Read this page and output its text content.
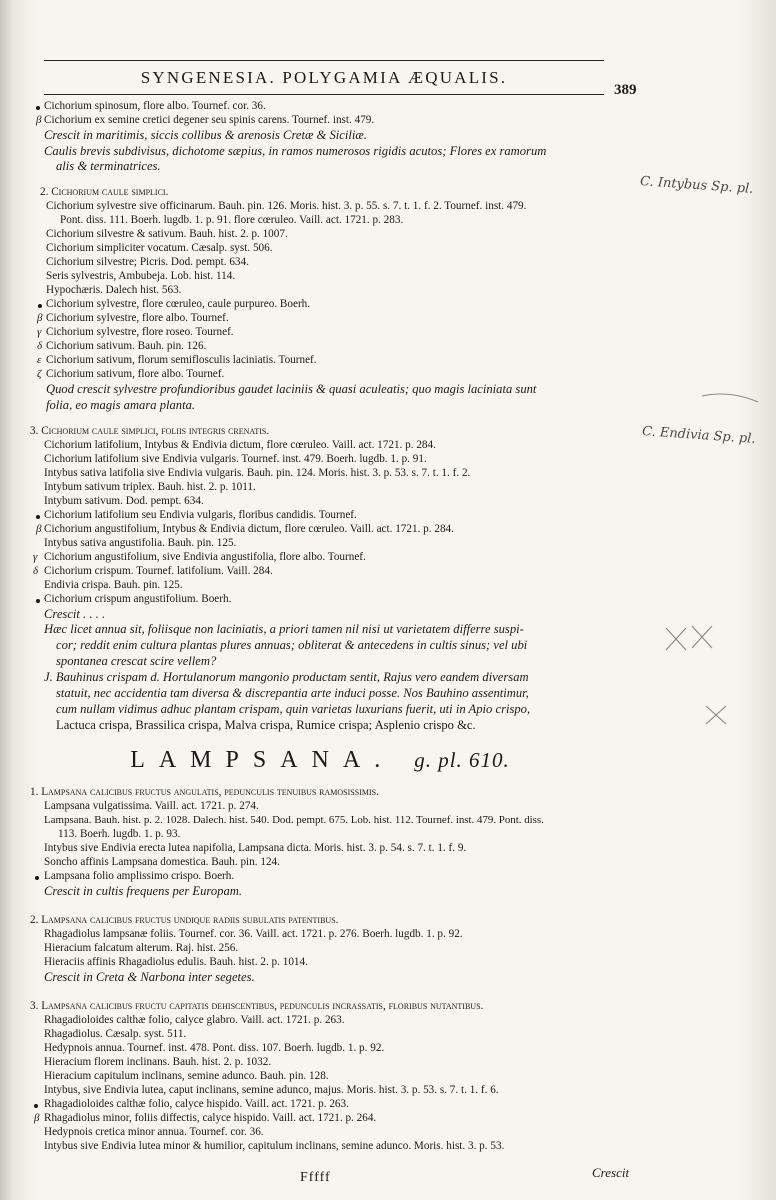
SYNGENESIA. POLYGAMIA ÆQUALIS.
389
Cichorium spinosum, flore albo. Tournef. cor. 36.
β Cichorium ex semine cretici degener seu spinis carens. Tournef. inst. 479.
Crescit in maritimis, siccis collibus & arenosis Cretæ & Siciliæ.
Caulis brevis subdivisus, dichotome sæpius, in ramos numerosos rigidis acutos; Flores ex ramorum
alis & terminatrices.
2. Cichorium caule simplici.
Cichorium sylvestre sive officinarum. Bauh. pin. 126. Moris. hist. 3. p. 55. s. 7. t. 1. f. 2. Tournef. inst. 479.
Pont. diss. 111. Boerh. lugdb. 1. p. 91. flore cœruleo. Vaill. act. 1721. p. 283.
Cichorium silvestre & sativum. Bauh. hist. 2. p. 1007.
Cichorium simpliciter vocatum. Cæsalp. syst. 506.
Cichorium silvestre; Picris. Dod. pempt. 634.
Seris sylvestris, Ambubeja. Lob. hist. 114.
Hypochæris. Dalech hist. 563.
Cichorium sylvestre, flore cœruleo, caule purpureo. Boerh.
β Cichorium sylvestre, flore albo. Tournef.
γ Cichorium sylvestre, flore roseo. Tournef.
δ Cichorium sativum. Bauh. pin. 126.
ε Cichorium sativum, florum semiflosculis laciniatis. Tournef.
ζ Cichorium sativum, flore albo. Tournef.
Quod crescit sylvestre profundioribus gaudet laciniis & quasi aculeatis; quo magis laciniata sunt
folia, eo magis amara planta.
3. Cichorium caule simplici, foliis integris crenatis.
Cichorium latifolium, Intybus & Endivia dictum, flore cœruleo. Vaill. act. 1721. p. 284.
Cichorium latifolium sive Endivia vulgaris. Tournef. inst. 479. Boerh. lugdb. 1. p. 91.
Intybus sativa latifolia sive Endivia vulgaris. Bauh. pin. 124. Moris. hist. 3. p. 53. s. 7. t. 1. f. 2.
Intybum sativum triplex. Bauh. hist. 2. p. 1011.
Intybum sativum. Dod. pempt. 634.
Cichorium latifolium seu Endivia vulgaris, floribus candidis. Tournef.
β Cichorium angustifolium, Intybus & Endivia dictum, flore cœruleo. Vaill. act. 1721. p. 284.
Intybus sativa angustifolia. Bauh. pin. 125.
γ Cichorium angustifolium, sive Endivia angustifolia, flore albo. Tournef.
δ Cichorium crispum. Tournef. latifolium. Vaill. 284.
Endivia crispa. Bauh. pin. 125.
Cichorium crispum angustifolium. Boerh.
Crescit . . . .
Hæc licet annua sit, foliisque non laciniatis, a priori tamen nil nisi ut varietatem differre suspi-
cor; reddit enim cultura plantas plures annuas; obliterat & antecedens in cultis sinus; vel ubi
spontanea crescat scire vellem?
J. Bauhinus crispam d. Hortulanorum mangonio productam sentit, Rajus vero eandem diversam
statuit, nec accidentia tam diversa & discrepantia arte induci posse. Nos Bauhino assentimur,
cum nullam vidimus adhuc plantam crispam, quin varietas luxurians fuerit, uti in Apio crispo,
Lactuca crispa, Brassilica crispa, Malva crispa, Rumice crispa; Asplenio crispo &c.
LAMPSANA. g. pl. 610.
1. Lampsana calicibus fructus angulatis, pedunculis tenuibus ramosissimis.
Lampsana vulgatissima. Vaill. act. 1721. p. 274.
Lampsana. Bauh. hist. p. 2. 1028. Dalech. hist. 540. Dod. pempt. 675. Lob. hist. 112. Tournef. inst. 479. Pont. diss.
113. Boerh. lugdb. 1. p. 93.
Intybus sive Endivia erecta lutea napifolia, Lampsana dicta. Moris. hist. 3. p. 54. s. 7. t. 1. f. 9.
Soncho affinis Lampsana domestica. Bauh. pin. 124.
Lampsana folio amplissimo crispo. Boerh.
Crescit in cultis frequens per Europam.
2. Lampsana calicibus fructus undique radiis subulatis patentibus.
Rhagadiolus lampsanæ foliis. Tournef. cor. 36. Vaill. act. 1721. p. 276. Boerh. lugdb. 1. p. 92.
Hieracium falcatum alterum. Raj. hist. 256.
Hieraciis affinis Rhagadiolus edulis. Bauh. hist. 2. p. 1014.
Crescit in Creta & Narbona inter segetes.
3. Lampsana calicibus fructu capitatis dehiscentibus, pedunculis incrassatis, floribus nutantibus.
Rhagadioloides calthæ folio, calyce glabro. Vaill. act. 1721. p. 263.
Rhagadiolus. Cæsalp. syst. 511.
Hedypnois annua. Tournef. inst. 478. Pont. diss. 107. Boerh. lugdb. 1. p. 92.
Hieracium florem inclinans. Bauh. hist. 2. p. 1032.
Hieracium capitulum inclinans, semine adunco. Bauh. pin. 128.
Intybus, sive Endivia lutea, caput inclinans, semine adunco, majus. Moris. hist. 3. p. 53. s. 7. t. 1. f. 6.
Rhagadioloides calthæ folio, calyce hispido. Vaill. act. 1721. p. 263.
β Rhagadiolus minor, foliis diffectis, calyce hispido. Vaill. act. 1721. p. 264.
Hedypnois cretica minor annua. Tournef. cor. 36.
Intybus sive Endivia lutea minor & humilior, capitulum inclinans, semine adunco. Moris. hist. 3. p. 53.
Fffff	Crescit
C. Intybus Sp. pl.
C. Endivia Sp. pl.
